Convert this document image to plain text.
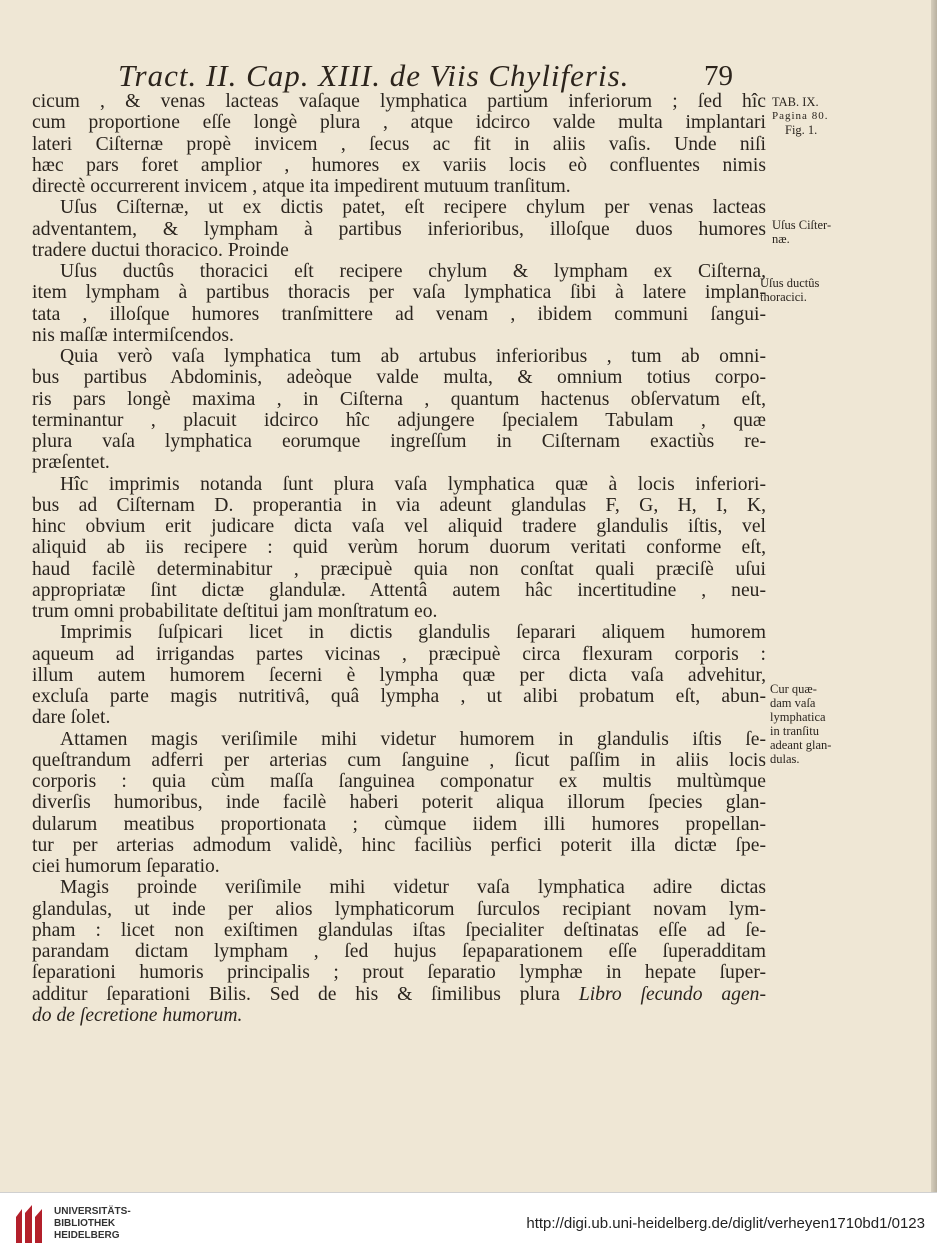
Tract. II. Cap. XIII. de Viis Chyliferis.	79
cicum , & venas lacteas vaſaque lymphatica partium inferiorum ; ſed hîc
cum proportione eſſe longè plura , atque idcirco valde multa implantari
lateri Ciſternæ propè invicem , ſecus ac fit in aliis vaſis. Unde niſi
hæc pars foret amplior , humores ex variis locis eò confluentes nimis
directè occurrerent invicem , atque ita impedirent mutuum tranſitum.
Uſus Ciſternæ, ut ex dictis patet, eſt recipere chylum per venas lacteas
adventantem, & lympham à partibus inferioribus, illoſque duos humores
tradere ductui thoracico. Proinde
Uſus ductûs thoracici eſt recipere chylum & lympham ex Ciſterna,
item lympham à partibus thoracis per vaſa lymphatica ſibi à latere implan-
tata , illoſque humores tranſmittere ad venam , ibidem communi ſangui-
nis maſſæ intermiſcendos.
Quia verò vaſa lymphatica tum ab artubus inferioribus , tum ab omni-
bus partibus Abdominis, adeòque valde multa, & omnium totius corpo-
ris pars longè maxima , in Ciſterna , quantum hactenus obſervatum eſt,
terminantur , placuit idcirco hîc adjungere ſpecialem Tabulam , quæ
plura vaſa lymphatica eorumque ingreſſum in Ciſternam exactiùs re-
præſentet.
Hîc imprimis notanda ſunt plura vaſa lymphatica quæ à locis inferiori-
bus ad Ciſternam D. properantia in via adeunt glandulas F, G, H, I, K,
hinc obvium erit judicare dicta vaſa vel aliquid tradere glandulis iſtis, vel
aliquid ab iis recipere : quid verùm horum duorum veritati conforme eſt,
haud facilè determinabitur , præcipuè quia non conſtat quali præciſè uſui
appropriatæ ſint dictæ glandulæ. Attentâ autem hâc incertitudine , neu-
trum omni probabilitate deſtitui jam monſtratum eo.
Imprimis ſuſpicari licet in dictis glandulis ſeparari aliquem humorem
aqueum ad irrigandas partes vicinas , præcipuè circa flexuram corporis :
illum autem humorem ſecerni è lympha quæ per dicta vaſa advehitur,
excluſa parte magis nutritivâ, quâ lympha , ut alibi probatum eſt, abun-
dare ſolet.
Attamen magis veriſimile mihi videtur humorem in glandulis iſtis ſe-
queſtrandum adferri per arterias cum ſanguine , ſicut paſſim in aliis locis
corporis : quia cùm maſſa ſanguinea componatur ex multis multùmque
diverſis humoribus, inde facilè haberi poterit aliqua illorum ſpecies glan-
dularum meatibus proportionata ; cùmque iidem illi humores propellan-
tur per arterias admodum validè, hinc faciliùs perfici poterit illa dictæ ſpe-
ciei humorum ſeparatio.
Magis proinde veriſimile mihi videtur vaſa lymphatica adire dictas
glandulas, ut inde per alios lymphaticorum ſurculos recipiant novam lym-
pham : licet non exiſtimen glandulas iſtas ſpecialiter deſtinatas eſſe ad ſe-
parandam dictam lympham , ſed hujus ſepaparationem eſſe ſuperadditam
ſeparationi humoris principalis ; prout ſeparatio lymphæ in hepate ſuper-
additur ſeparationi Bilis. Sed de his & ſimilibus plura Libro ſecundo agen-
do de ſecretione humorum.
TAB. IX.
Pagina 80.
Fig. 1.
Uſus Ciſter-
næ.
Uſus ductûs
thoracici.
Cur quæ-
dam vaſa
lymphatica
in tranſitu
adeant glan-
dulas.
UNIVERSITÄTS-
BIBLIOTHEK
HEIDELBERG
http://digi.ub.uni-heidelberg.de/diglit/verheyen1710bd1/0123
